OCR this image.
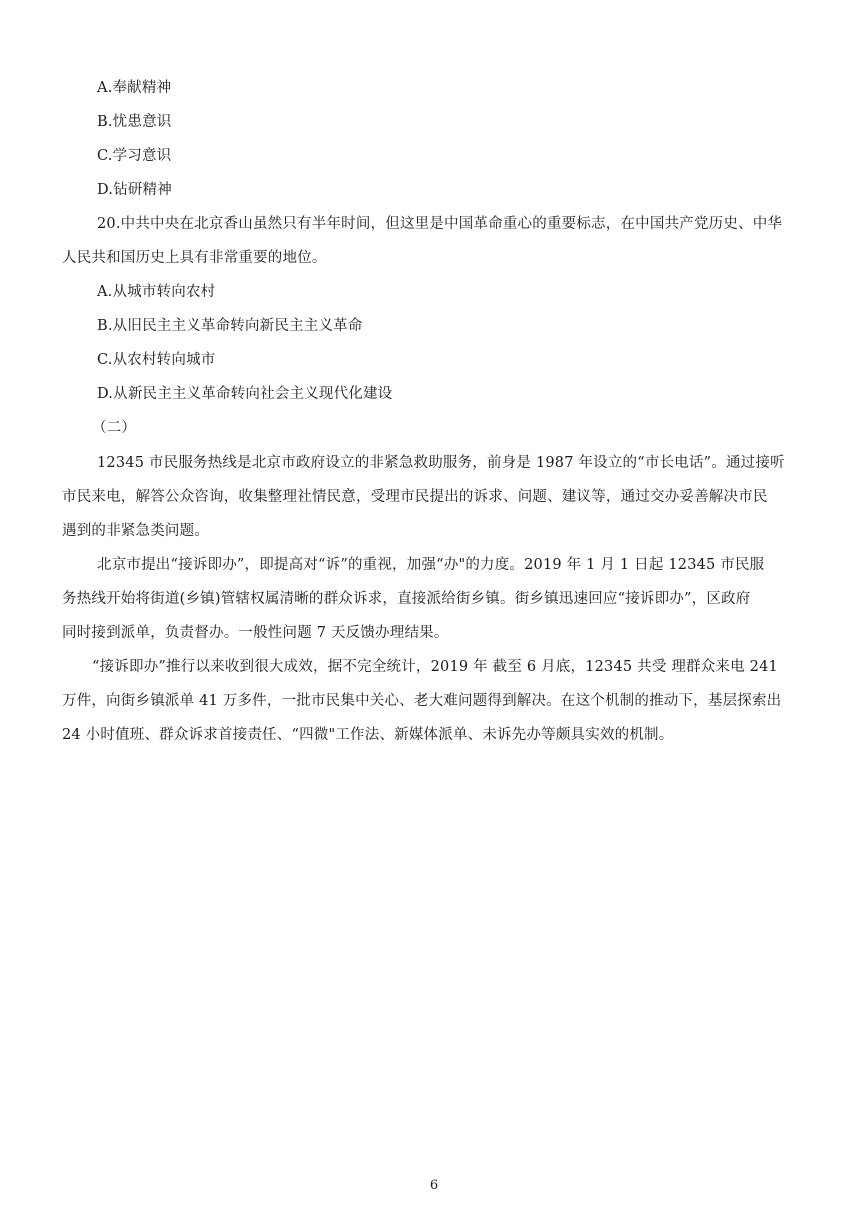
A.奉献精神
B.忧患意识
C.学习意识
D.钻研精神
20.中共中央在北京香山虽然只有半年时间，但这里是中国革命重心的重要标志，在中国共产党历史、中华
人民共和国历史上具有非常重要的地位。
A.从城市转向农村
B.从旧民主主义革命转向新民主主义革命
C.从农村转向城市
D.从新民主主义革命转向社会主义现代化建设
（二）
12345 市民服务热线是北京市政府设立的非紧急救助服务，前身是 1987 年设立的“市长电话”。通过接听
市民来电，解答公众咨询，收集整理社情民意，受理市民提出的诉求、问题、建议等，通过交办妥善解决市民
遇到的非紧急类问题。
北京市提出“接诉即办”，即提高对“诉”的重视，加强“办"的力度。2019 年 1 月 1 日起 12345 市民服
务热线开始将街道(乡镇)管辖权属清晰的群众诉求，直接派给街乡镇。街乡镇迅速回应“接诉即办”，区政府
同时接到派单，负责督办。一般性问题 7 天反馈办理结果。
“接诉即办”推行以来收到很大成效，据不完全统计，2019 年 截至 6 月底，12345 共受 理群众来电 241
万件，向街乡镇派单 41 万多件，一批市民集中关心、老大难问题得到解决。在这个机制的推动下，基层探索出
24 小时值班、群众诉求首接责任、“四微"工作法、新媒体派单、未诉先办等颇具实效的机制。
6
